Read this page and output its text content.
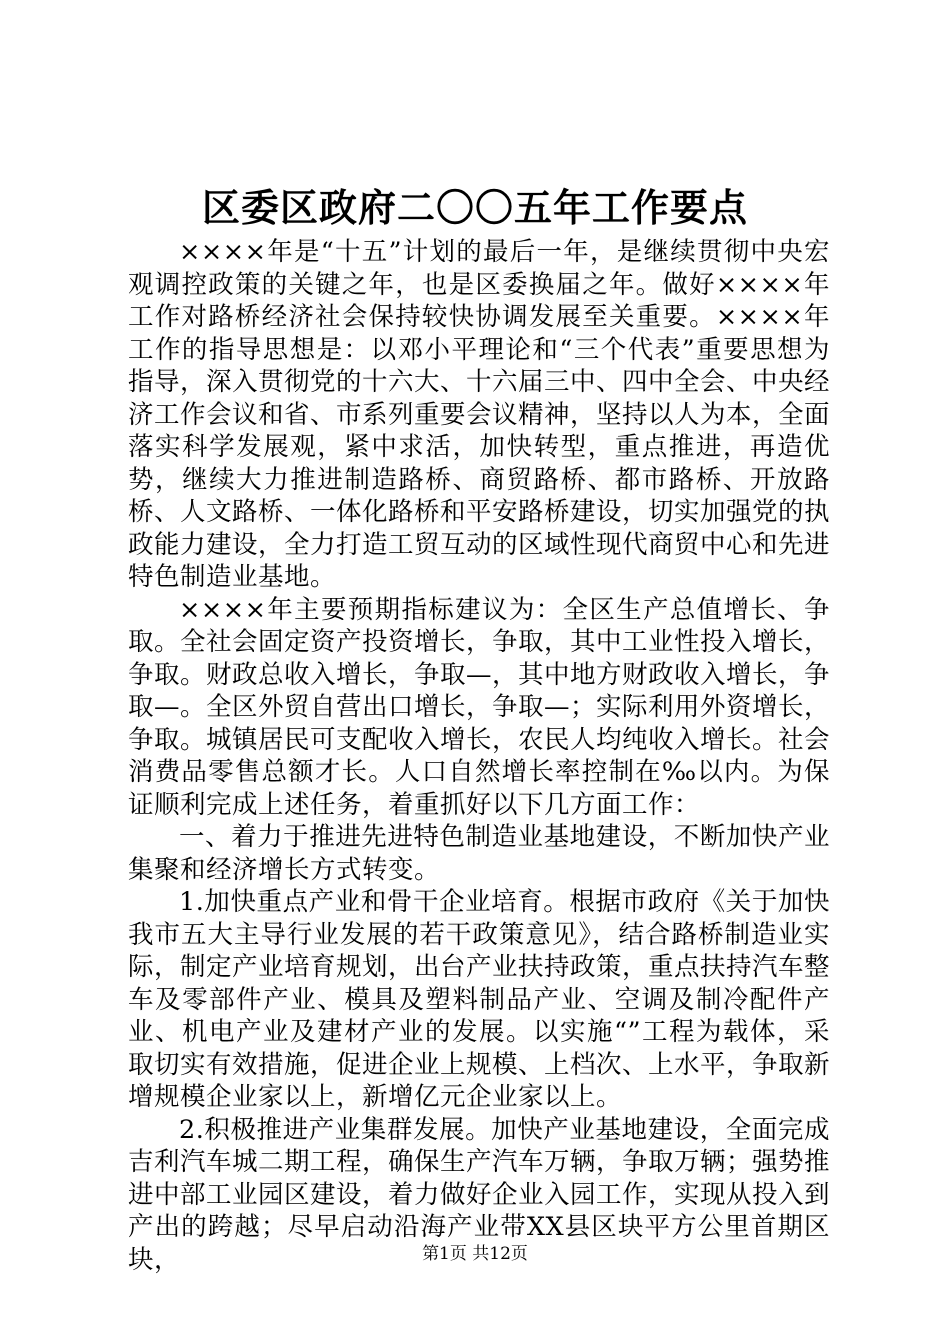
区委区政府二〇〇五年工作要点

××××年是“十五”计划的最后一年，是继续贯彻中央宏观调控政策的关键之年，也是区委换届之年。做好××××年工作对路桥经济社会保持较快协调发展至关重要。××××年工作的指导思想是：以邓小平理论和“三个代表”重要思想为指导，深入贯彻党的十六大、十六届三中、四中全会、中央经济工作会议和省、市系列重要会议精神，坚持以人为本，全面落实科学发展观，紧中求活，加快转型，重点推进，再造优势，继续大力推进制造路桥、商贸路桥、都市路桥、开放路桥、人文路桥、一体化路桥和平安路桥建设，切实加强党的执政能力建设，全力打造工贸互动的区域性现代商贸中心和先进特色制造业基地。

××××年主要预期指标建议为：全区生产总值增长、争取。全社会固定资产投资增长，争取，其中工业性投入增长，争取。财政总收入增长，争取—，其中地方财政收入增长，争取—。全区外贸自营出口增长，争取—；实际利用外资增长，争取。城镇居民可支配收入增长，农民人均纯收入增长。社会消费品零售总额才长。人口自然增长率控制在‰以内。为保证顺利完成上述任务，着重抓好以下几方面工作：

一、着力于推进先进特色制造业基地建设，不断加快产业集聚和经济增长方式转变。

1.加快重点产业和骨干企业培育。根据市政府《关于加快我市五大主导行业发展的若干政策意见》，结合路桥制造业实际，制定产业培育规划，出台产业扶持政策，重点扶持汽车整车及零部件产业、模具及塑料制品产业、空调及制冷配件产业、机电产业及建材产业的发展。以实施“”工程为载体，采取切实有效措施，促进企业上规模、上档次、上水平，争取新增规模企业家以上，新增亿元企业家以上。

2.积极推进产业集群发展。加快产业基地建设，全面完成吉利汽车城二期工程，确保生产汽车万辆，争取万辆；强势推进中部工业园区建设，着力做好企业入园工作，实现从投入到产出的跨越；尽早启动沿海产业带XX县区块平方公里首期区块，	第1页 共12页
